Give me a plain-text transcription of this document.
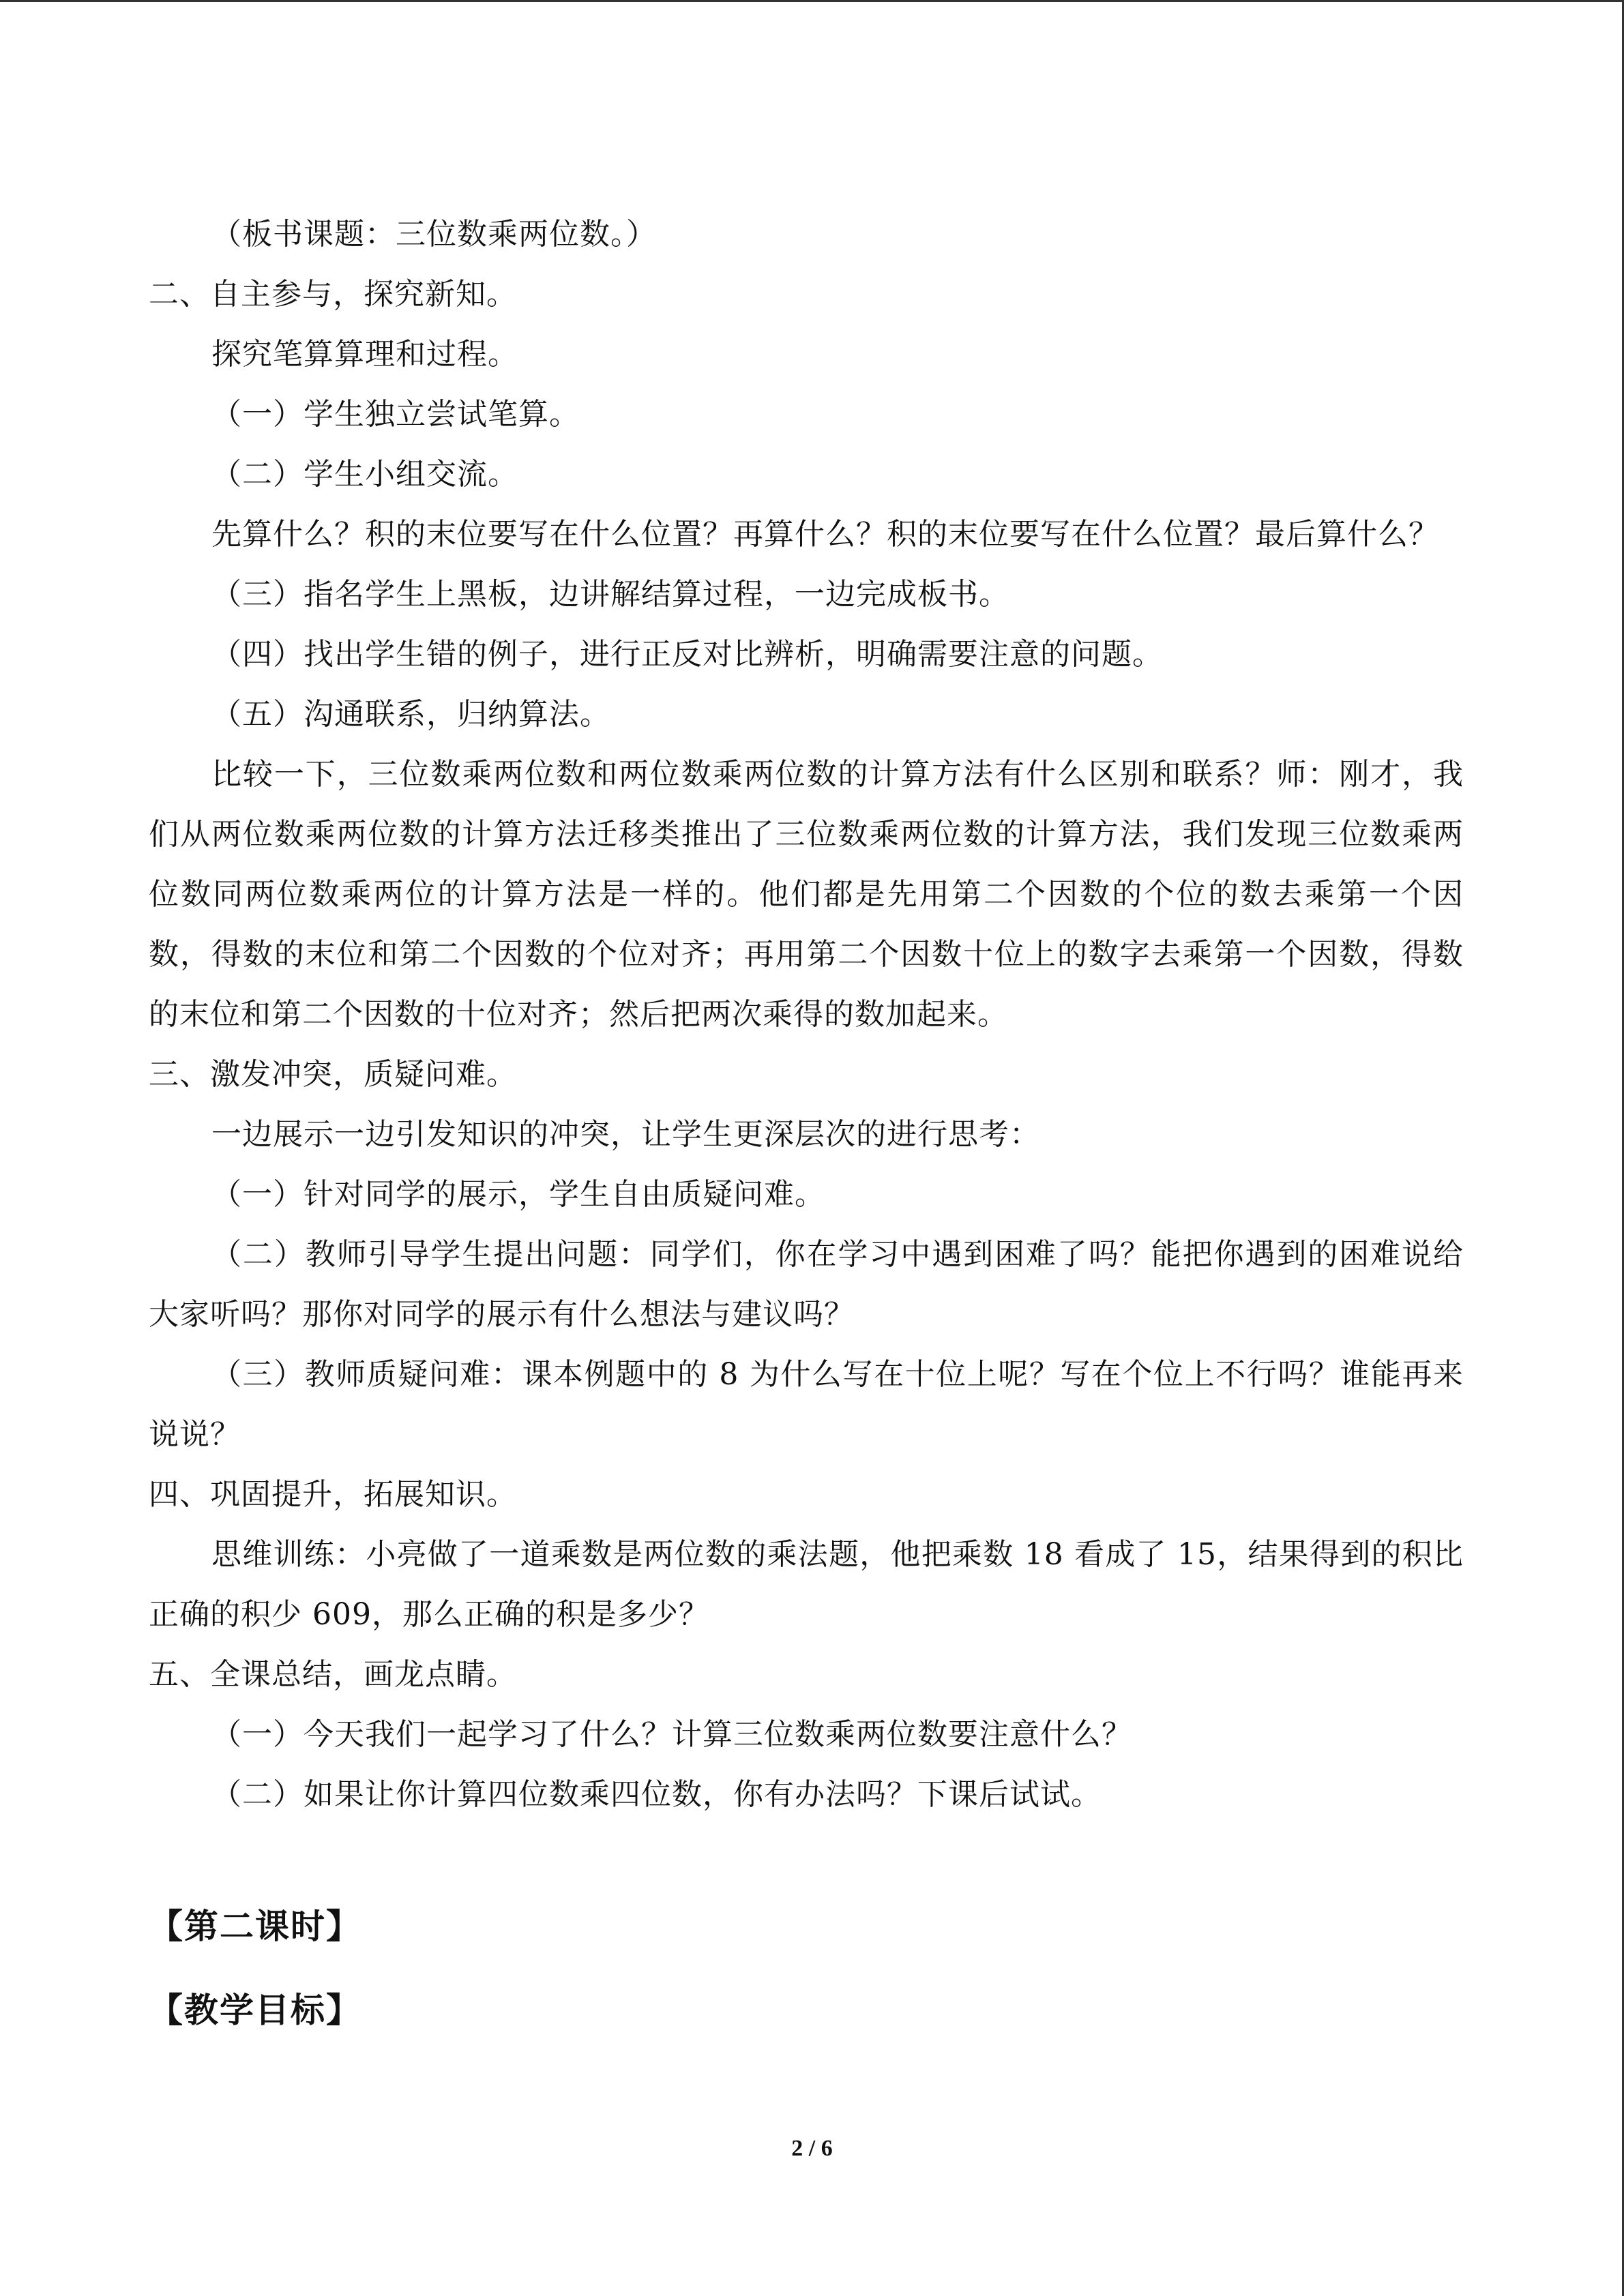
（板书课题：三位数乘两位数。）

二、自主参与，探究新知。

探究笔算算理和过程。

（一）学生独立尝试笔算。

（二）学生小组交流。

先算什么？积的末位要写在什么位置？再算什么？积的末位要写在什么位置？最后算什么？

（三）指名学生上黑板，边讲解结算过程，一边完成板书。

（四）找出学生错的例子，进行正反对比辨析，明确需要注意的问题。

（五）沟通联系，归纳算法。

比较一下，三位数乘两位数和两位数乘两位数的计算方法有什么区别和联系？师：刚才，我们从两位数乘两位数的计算方法迁移类推出了三位数乘两位数的计算方法，我们发现三位数乘两位数同两位数乘两位的计算方法是一样的。他们都是先用第二个因数的个位的数去乘第一个因数，得数的末位和第二个因数的个位对齐；再用第二个因数十位上的数字去乘第一个因数，得数的末位和第二个因数的十位对齐；然后把两次乘得的数加起来。

三、激发冲突，质疑问难。

一边展示一边引发知识的冲突，让学生更深层次的进行思考：

（一）针对同学的展示，学生自由质疑问难。

（二）教师引导学生提出问题：同学们，你在学习中遇到困难了吗？能把你遇到的困难说给大家听吗？那你对同学的展示有什么想法与建议吗？

（三）教师质疑问难：课本例题中的 8 为什么写在十位上呢？写在个位上不行吗？谁能再来说说？

四、巩固提升，拓展知识。

思维训练：小亮做了一道乘数是两位数的乘法题，他把乘数 18 看成了 15，结果得到的积比正确的积少 609，那么正确的积是多少？

五、全课总结，画龙点睛。

（一）今天我们一起学习了什么？计算三位数乘两位数要注意什么？

（二）如果让你计算四位数乘四位数，你有办法吗？下课后试试。

【第二课时】
【教学目标】
2 / 6
